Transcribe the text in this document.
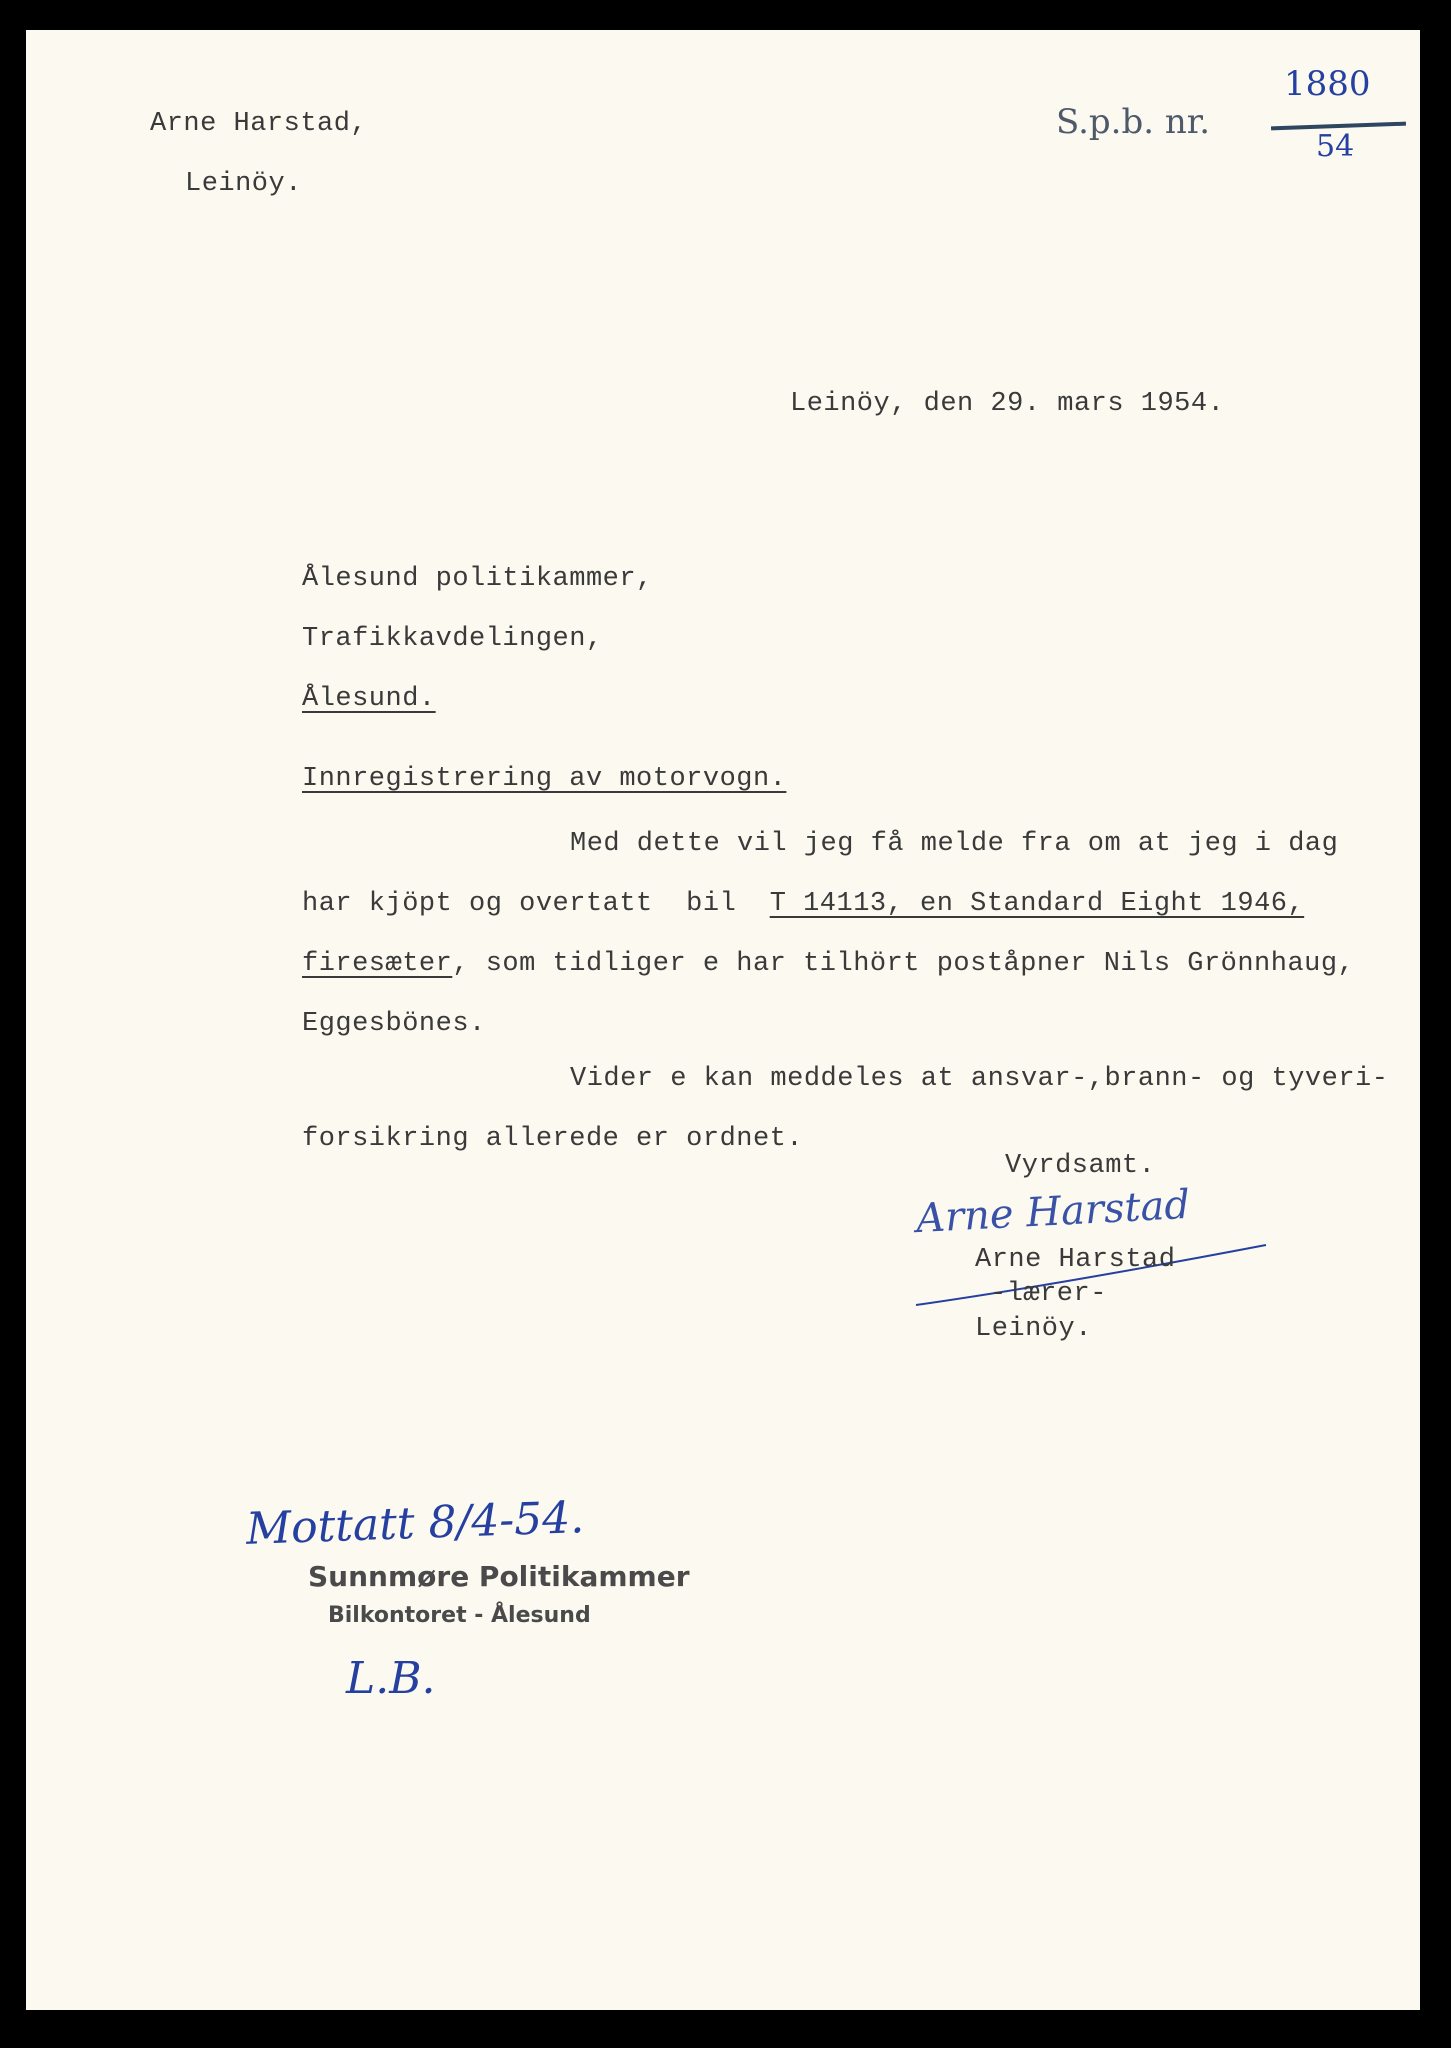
Arne Harstad,
Leinöy.
S.p.b. nr.
1880
54
Leinöy, den 29. mars 1954.
Ålesund politikammer,
Trafikkavdelingen,
Ålesund.
Innregistrering av motorvogn.
Med dette vil jeg få melde fra om at jeg i dag
har kjöpt og overtatt  bil  T 14113, en Standard Eight 1946,
firesæter, som tidliger e har tilhört poståpner Nils Grönnhaug,
Eggesbönes.
Vider e kan meddeles at ansvar-,brann- og tyveri-
forsikring allerede er ordnet.
Vyrdsamt.
Arne Harstad
Arne Harstad
-lærer-
Leinöy.
Mottatt 8/4-54.
Sunnmøre Politikammer
Bilkontoret - Ålesund
L.B.
